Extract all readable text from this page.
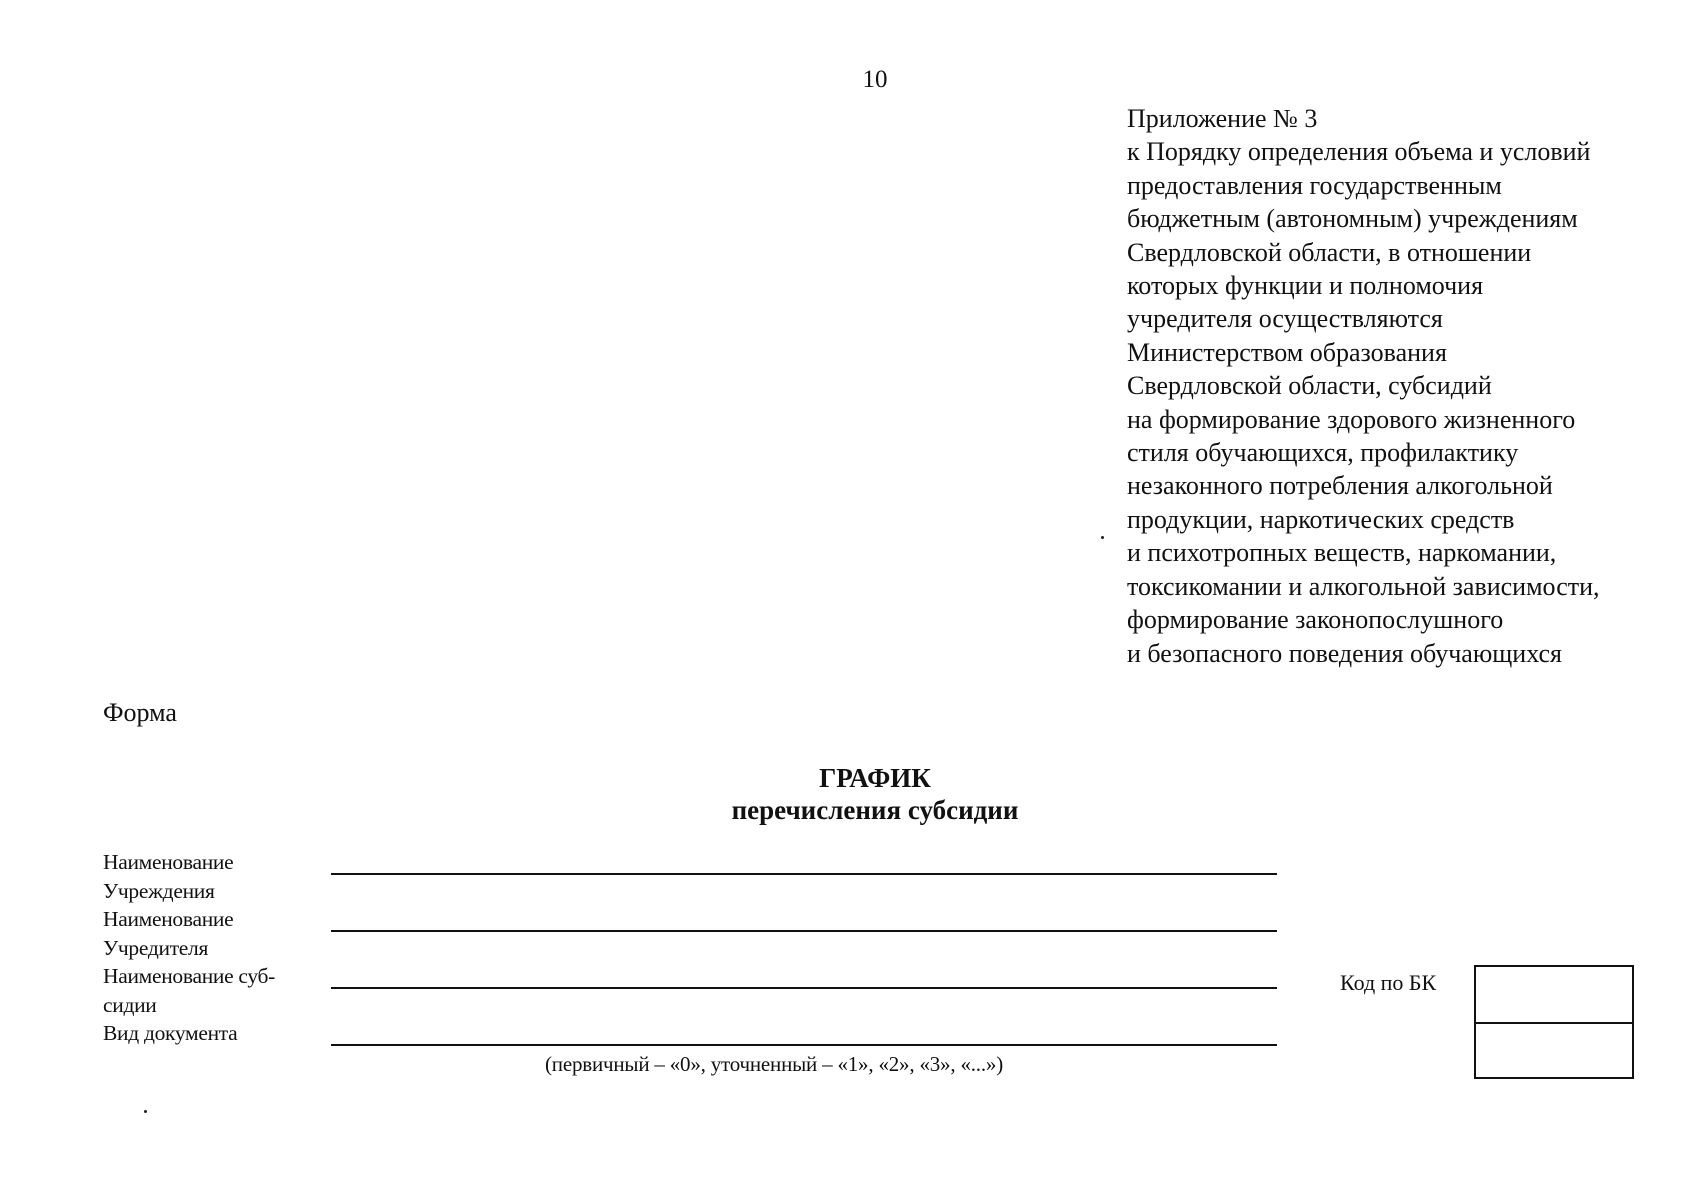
10
Приложение № 3
к Порядку определения объема и условий
предоставления государственным
бюджетным (автономным) учреждениям
Свердловской области, в отношении
которых функции и полномочия
учредителя осуществляются
Министерством образования
Свердловской области, субсидий
на формирование здорового жизненного
стиля обучающихся, профилактику
незаконного потребления алкогольной
продукции, наркотических средств
и психотропных веществ, наркомании,
токсикомании и алкогольной зависимости,
формирование законопослушного
и безопасного поведения обучающихся
Форма
ГРАФИК
перечисления субсидии
Наименование
Учреждения
Наименование
Учредителя
Наименование суб-
сидии
Вид документа
(первичный – «0», уточненный – «1», «2», «3», «...»)
Код по БК
